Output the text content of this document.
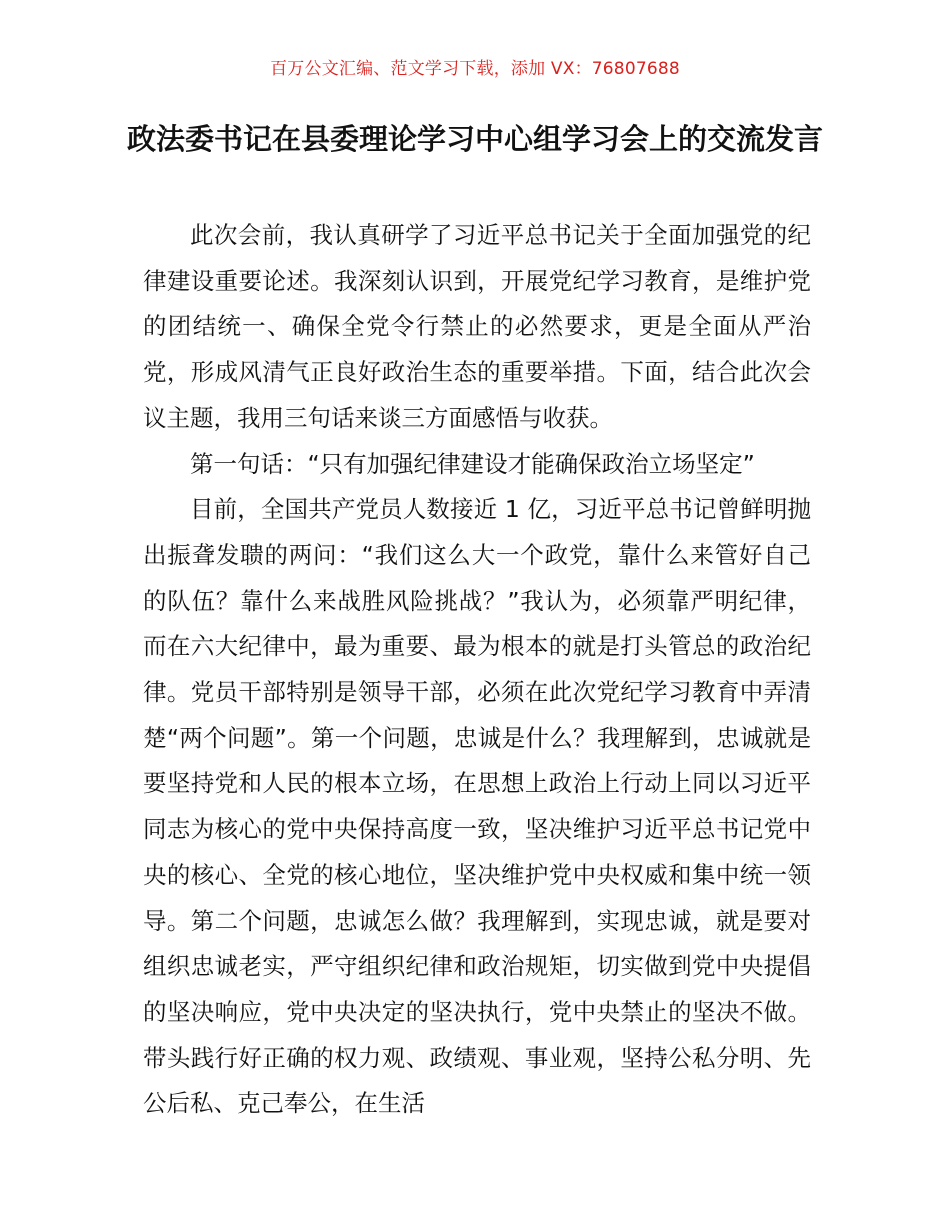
百万公文汇编、范文学习下载，添加 VX：76807688
政法委书记在县委理论学习中心组学习会上的交流发言

此次会前，我认真研学了习近平总书记关于全面加强党的纪律建设重要论述。我深刻认识到，开展党纪学习教育，是维护党的团结统一、确保全党令行禁止的必然要求，更是全面从严治党，形成风清气正良好政治生态的重要举措。下面，结合此次会议主题，我用三句话来谈三方面感悟与收获。

第一句话：“只有加强纪律建设才能确保政治立场坚定”

目前，全国共产党员人数接近 1 亿，习近平总书记曾鲜明抛出振聋发聩的两问：“我们这么大一个政党，靠什么来管好自己的队伍？靠什么来战胜风险挑战？”我认为，必须靠严明纪律，而在六大纪律中，最为重要、最为根本的就是打头管总的政治纪律。党员干部特别是领导干部，必须在此次党纪学习教育中弄清楚“两个问题”。第一个问题，忠诚是什么？我理解到，忠诚就是要坚持党和人民的根本立场，在思想上政治上行动上同以习近平同志为核心的党中央保持高度一致，坚决维护习近平总书记党中央的核心、全党的核心地位，坚决维护党中央权威和集中统一领导。第二个问题，忠诚怎么做？我理解到，实现忠诚，就是要对组织忠诚老实，严守组织纪律和政治规矩，切实做到党中央提倡的坚决响应，党中央决定的坚决执行，党中央禁止的坚决不做。带头践行好正确的权力观、政绩观、事业观，坚持公私分明、先公后私、克己奉公，在生活
